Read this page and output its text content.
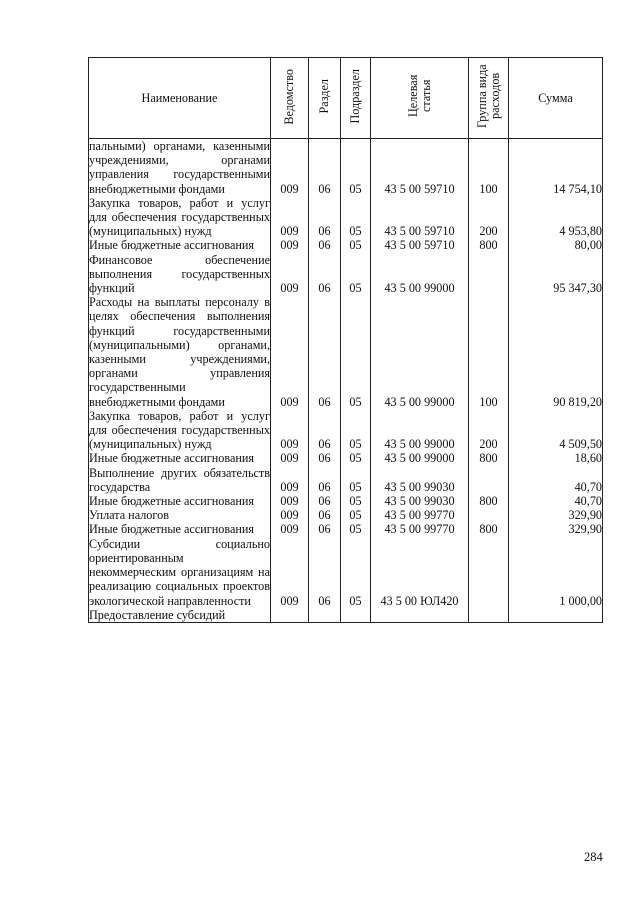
Наименование	Ведомство	Раздел	Подраздел	Целевая статья	Группа вида расходов	Сумма
пальными) органами, казенными учреждениями, органами управления государственными внебюджетными фондами	009	06	05	43 5 00 59710	100	14 754,10
Закупка товаров, работ и услуг для обеспечения государственных (муниципальных) нужд	009	06	05	43 5 00 59710	200	4 953,80
Иные бюджетные ассигнования	009	06	05	43 5 00 59710	800	80,00
Финансовое обеспечение выполнения государственных функций	009	06	05	43 5 00 99000		95 347,30
Расходы на выплаты персоналу в целях обеспечения выполнения функций государственными (муниципальными) органами, казенными учреждениями, органами управления государственными внебюджетными фондами	009	06	05	43 5 00 99000	100	90 819,20
Закупка товаров, работ и услуг для обеспечения государственных (муниципальных) нужд	009	06	05	43 5 00 99000	200	4 509,50
Иные бюджетные ассигнования	009	06	05	43 5 00 99000	800	18,60
Выполнение других обязательств государства	009	06	05	43 5 00 99030		40,70
Иные бюджетные ассигнования	009	06	05	43 5 00 99030	800	40,70
Уплата налогов	009	06	05	43 5 00 99770		329,90
Иные бюджетные ассигнования	009	06	05	43 5 00 99770	800	329,90
Субсидии социально ориентированным некоммерческим организациям на реализацию социальных проектов экологической направленности	009	06	05	43 5 00 ЮЛ420		1 000,00
Предоставление субсидий						
284
